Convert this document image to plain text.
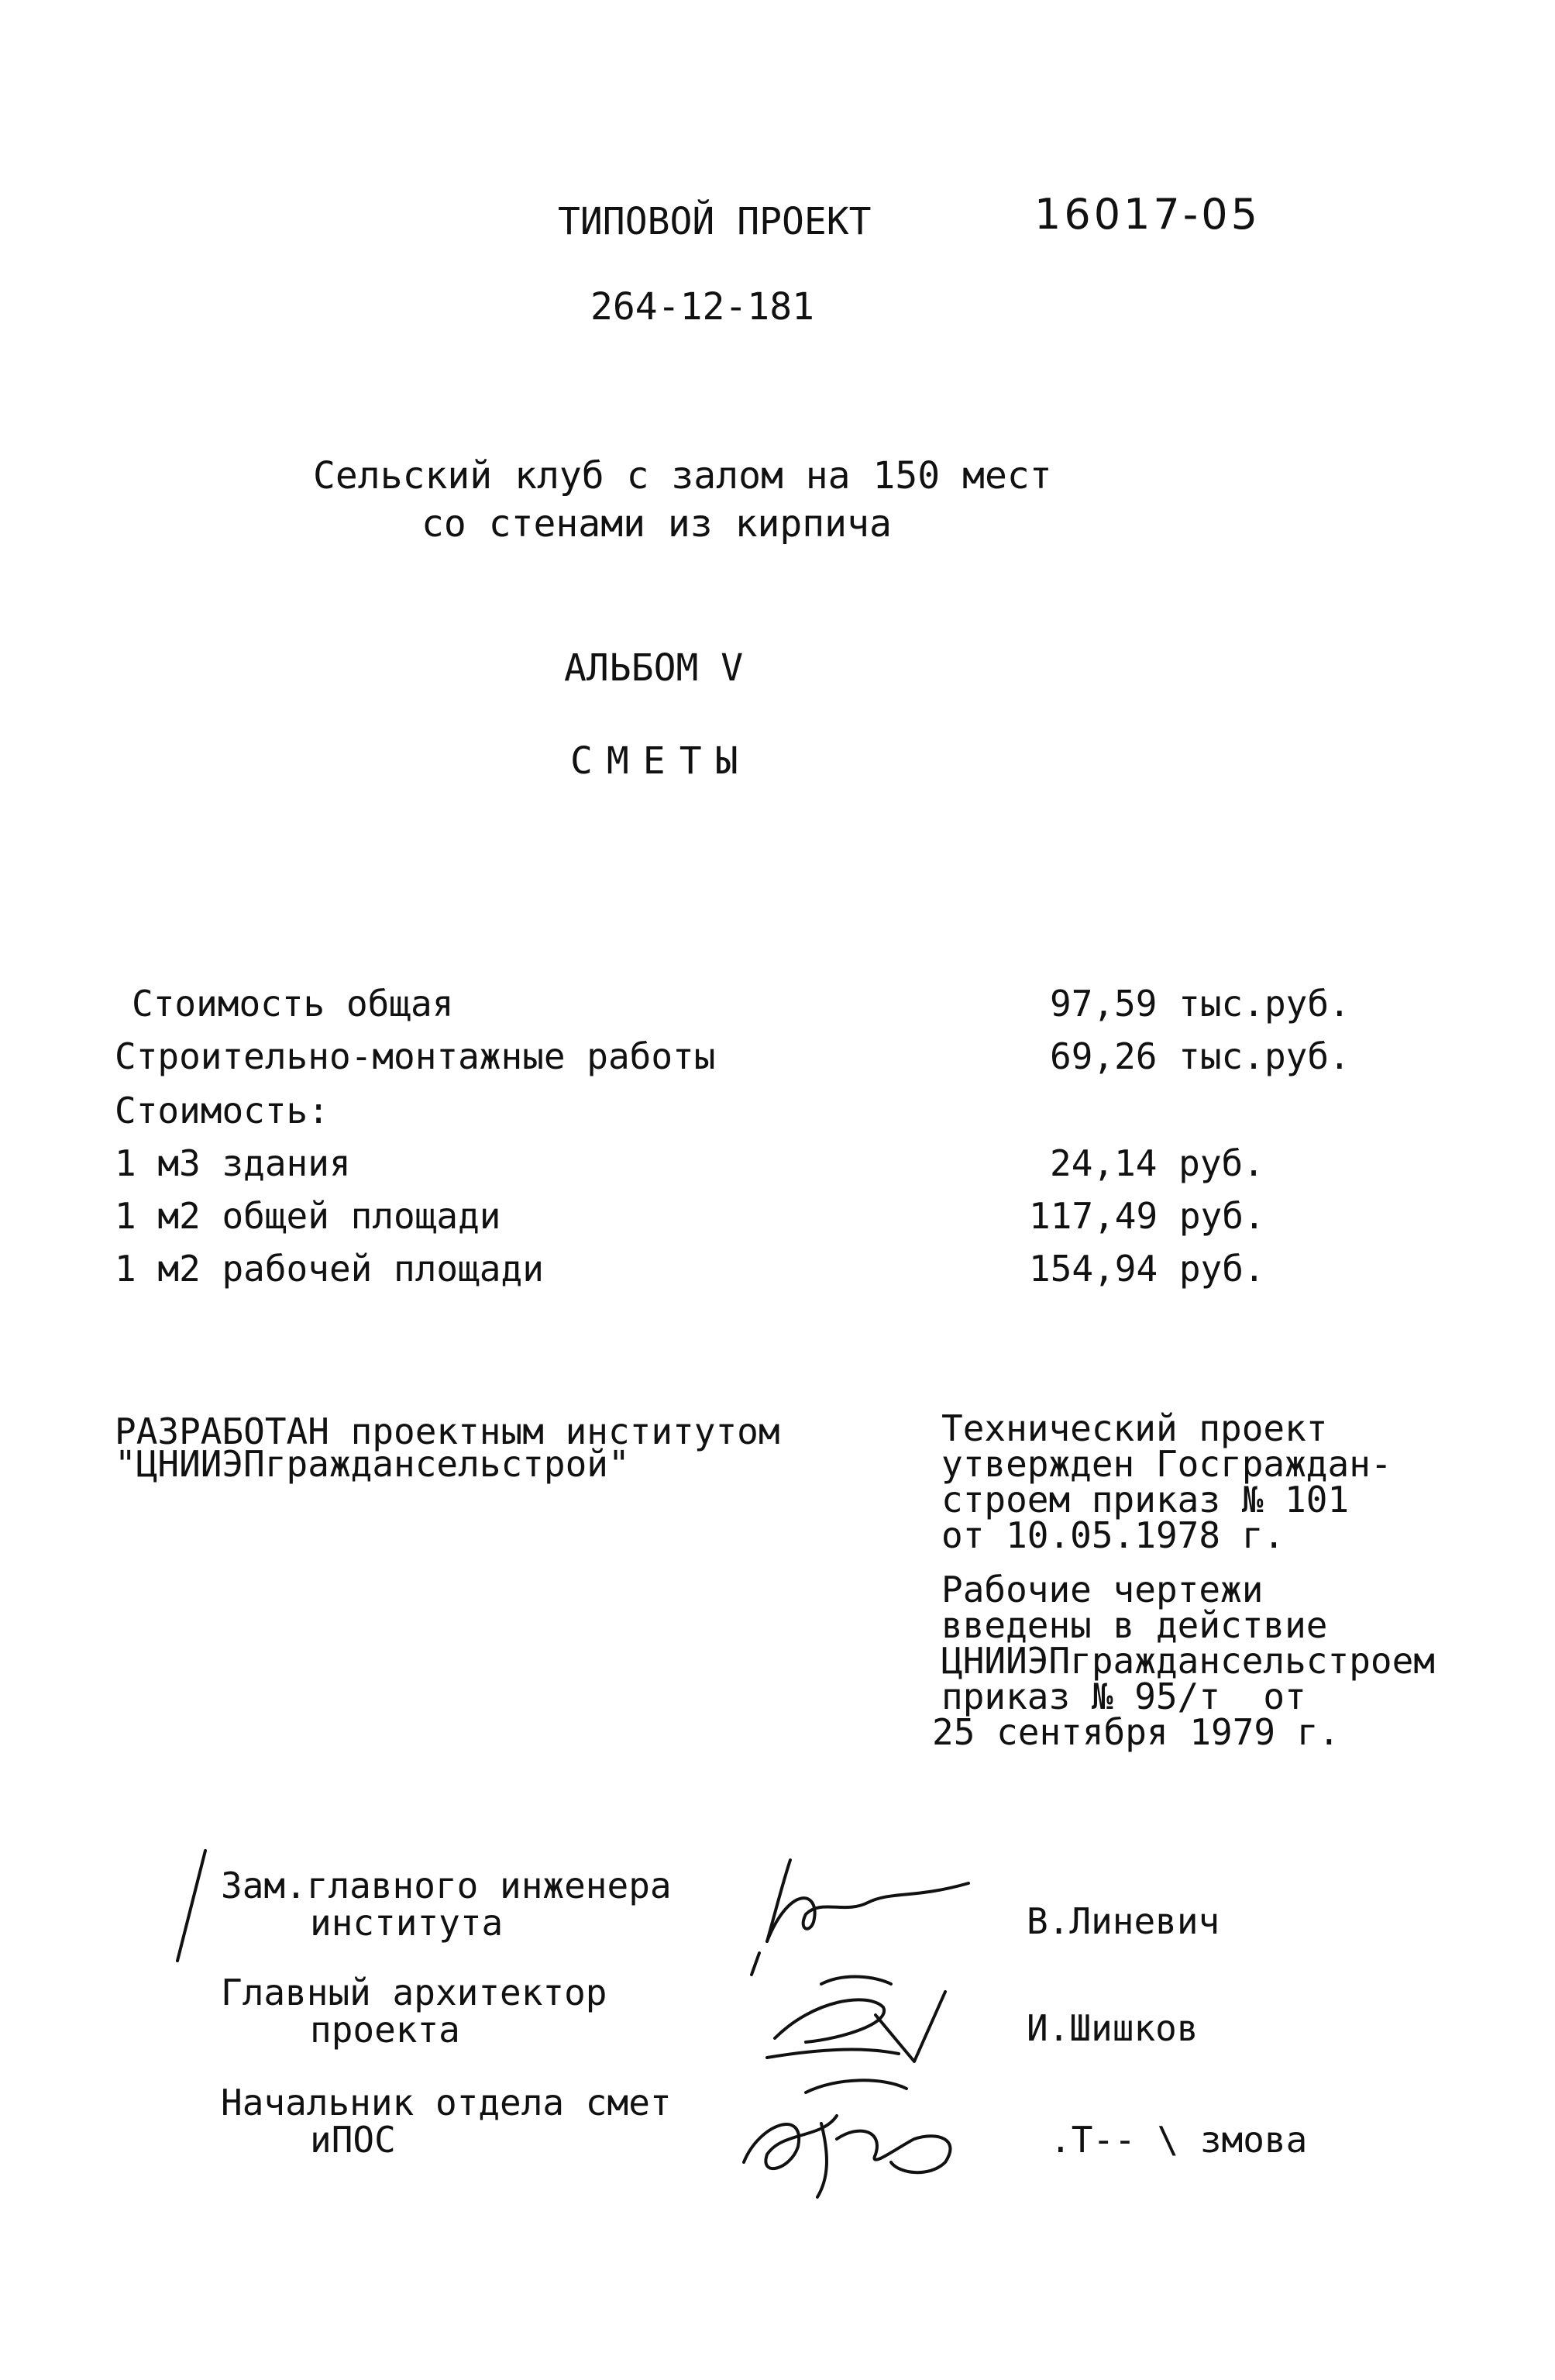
ТИПОВОЙ ПРОЕКТ	16017-05
264-12-181
Сельский клуб с залом на 150 мест
со стенами из кирпича
АЛЬБОМ V
СМЕТЫ
Стоимость общая	97,59 тыс.руб.
Строительно-монтажные работы	69,26 тыс.руб.
Стоимость:
1 м3 здания	24,14 руб.
1 м2 общей площади	117,49 руб.
1 м2 рабочей площади	154,94 руб.
РАЗРАБОТАН проектным институтом
"ЦНИИЭПграждансельстрой"
Технический проект
утвержден Госграждан-
строем приказ № 101
от 10.05.1978 г.
Рабочие чертежи
введены в действие
ЦНИИЭПграждансельстроем
приказ № 95/т  от
25 сентября 1979 г.
Зам.главного инженера
института	В.Линевич
Главный архитектор
проекта	И.Шишков
Начальник отдела смет
иПОС	.Т-- \ змова
